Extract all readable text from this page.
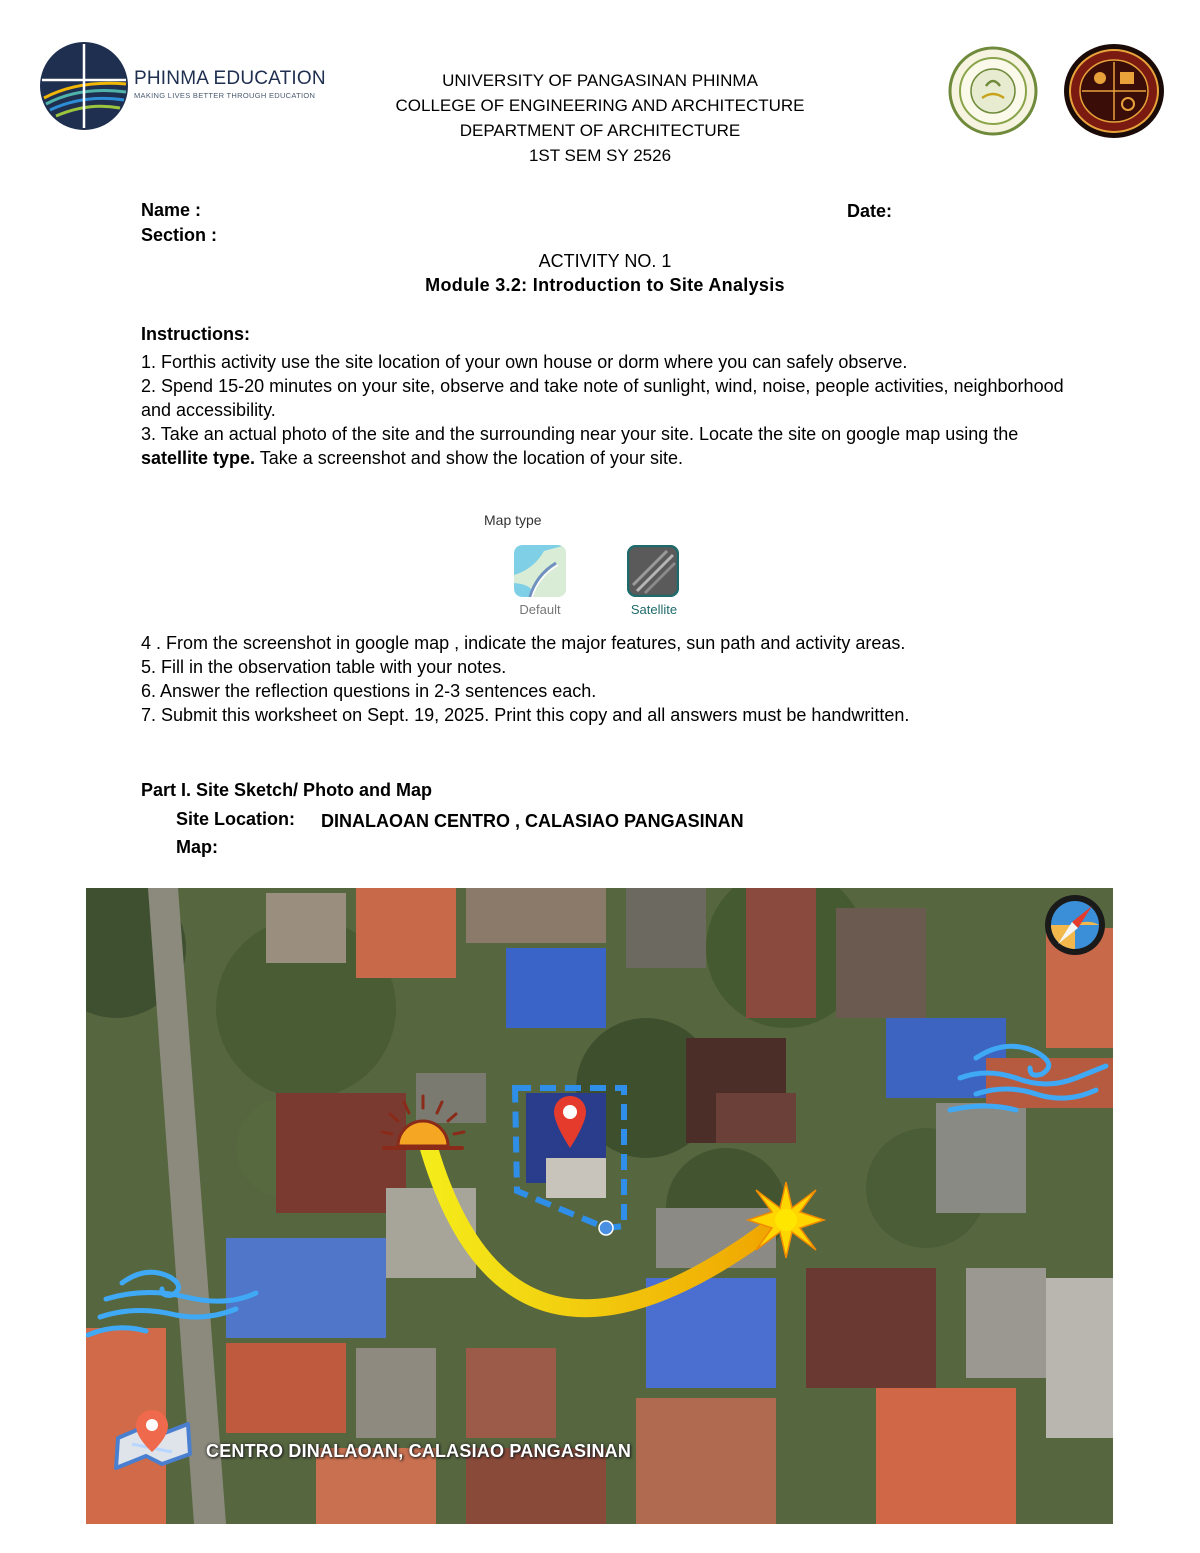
PHINMA EDUCATION
MAKING LIVES BETTER THROUGH EDUCATION
UNIVERSITY OF PANGASINAN PHINMA
COLLEGE OF ENGINEERING AND ARCHITECTURE
DEPARTMENT OF ARCHITECTURE
1ST SEM SY 2526
Name :
Section :
Date:
ACTIVITY NO. 1
Module 3.2: Introduction to Site Analysis
Instructions:

1. Forthis activity use the site location of your own house or dorm where you can safely observe.

2. Spend 15-20 minutes on your site, observe and take note of sunlight, wind, noise, people activities, neighborhood and accessibility.

3. Take an actual photo of the site and the surrounding near your site. Locate the site on google map using the satellite type. Take a screenshot and show the location of your site.

Map type
Default	Satellite

4 . From the screenshot in google map , indicate the major features, sun path and activity areas.

5. Fill in the observation table with your notes.

6. Answer the reflection questions in 2-3 sentences each.

7. Submit this worksheet on Sept. 19, 2025. Print this copy and all answers must be handwritten.

Part I. Site Sketch/ Photo and Map
Site Location: DINALAOAN CENTRO , CALASIAO PANGASINAN
Map:
CENTRO DINALAOAN, CALASIAO PANGASINAN
